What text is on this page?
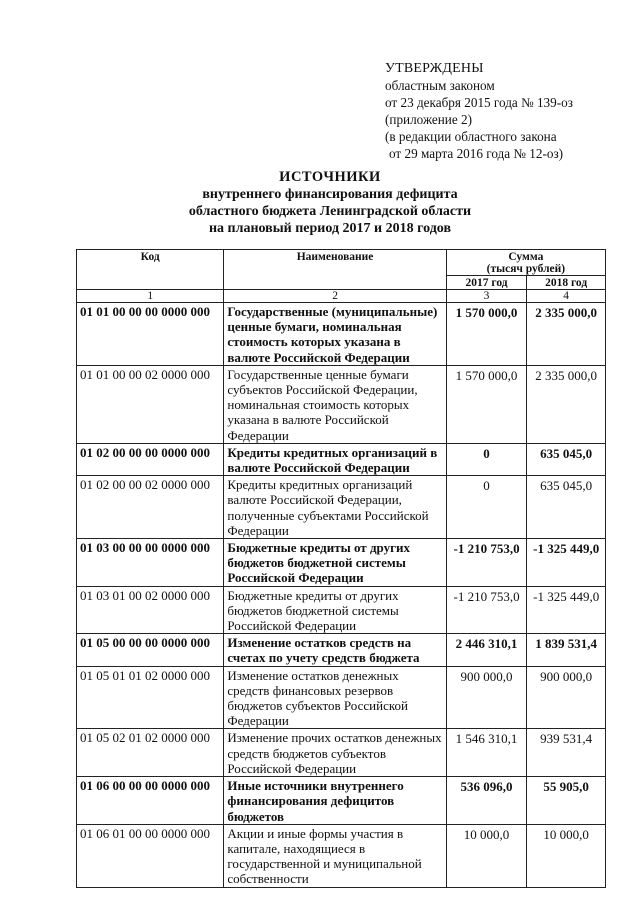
УТВЕРЖДЕНЫ
областным законом
от 23 декабря 2015 года № 139-оз
(приложение 2)
(в редакции областного закона
от 29 марта 2016 года № 12-оз)
ИСТОЧНИКИ
внутреннего финансирования дефицита
областного бюджета Ленинградской области
на плановый период 2017 и 2018 годов
Код	Наименование	Сумма
(тысяч рублей)	

		2017 год	2018 год
1	2	3	4
01 01 00 00 00 0000 000	Государственные (муниципальные) ценные бумаги, номинальная стоимость которых указана в валюте Российской Федерации	1 570 000,0	2 335 000,0
01 01 00 00 02 0000 000	Государственные ценные бумаги субъектов Российской Федерации, номинальная стоимость которых указана в валюте Российской Федерации	1 570 000,0	2 335 000,0
01 02 00 00 00 0000 000	Кредиты кредитных организаций в валюте Российской Федерации	0	635 045,0
01 02 00 00 02 0000 000	Кредиты кредитных организаций валюте Российской Федерации, полученные субъектами Российской Федерации	0	635 045,0
01 03 00 00 00 0000 000	Бюджетные кредиты от других бюджетов бюджетной системы Российской Федерации	-1 210 753,0	-1 325 449,0
01 03 01 00 02 0000 000	Бюджетные кредиты от других бюджетов бюджетной системы Российской Федерации	-1 210 753,0	-1 325 449,0
01 05 00 00 00 0000 000	Изменение остатков средств на счетах по учету средств бюджета	2 446 310,1	1 839 531,4
01 05 01 01 02 0000 000	Изменение остатков денежных средств финансовых резервов бюджетов субъектов Российской Федерации	900 000,0	900 000,0
01 05 02 01 02 0000 000	Изменение прочих остатков денежных средств бюджетов субъектов Российской Федерации	1 546 310,1	939 531,4
01 06 00 00 00 0000 000	Иные источники внутреннего финансирования дефицитов бюджетов	536 096,0	55 905,0
01 06 01 00 00 0000 000	Акции и иные формы участия в капитале, находящиеся в государственной и муниципальной собственности	10 000,0	10 000,0
